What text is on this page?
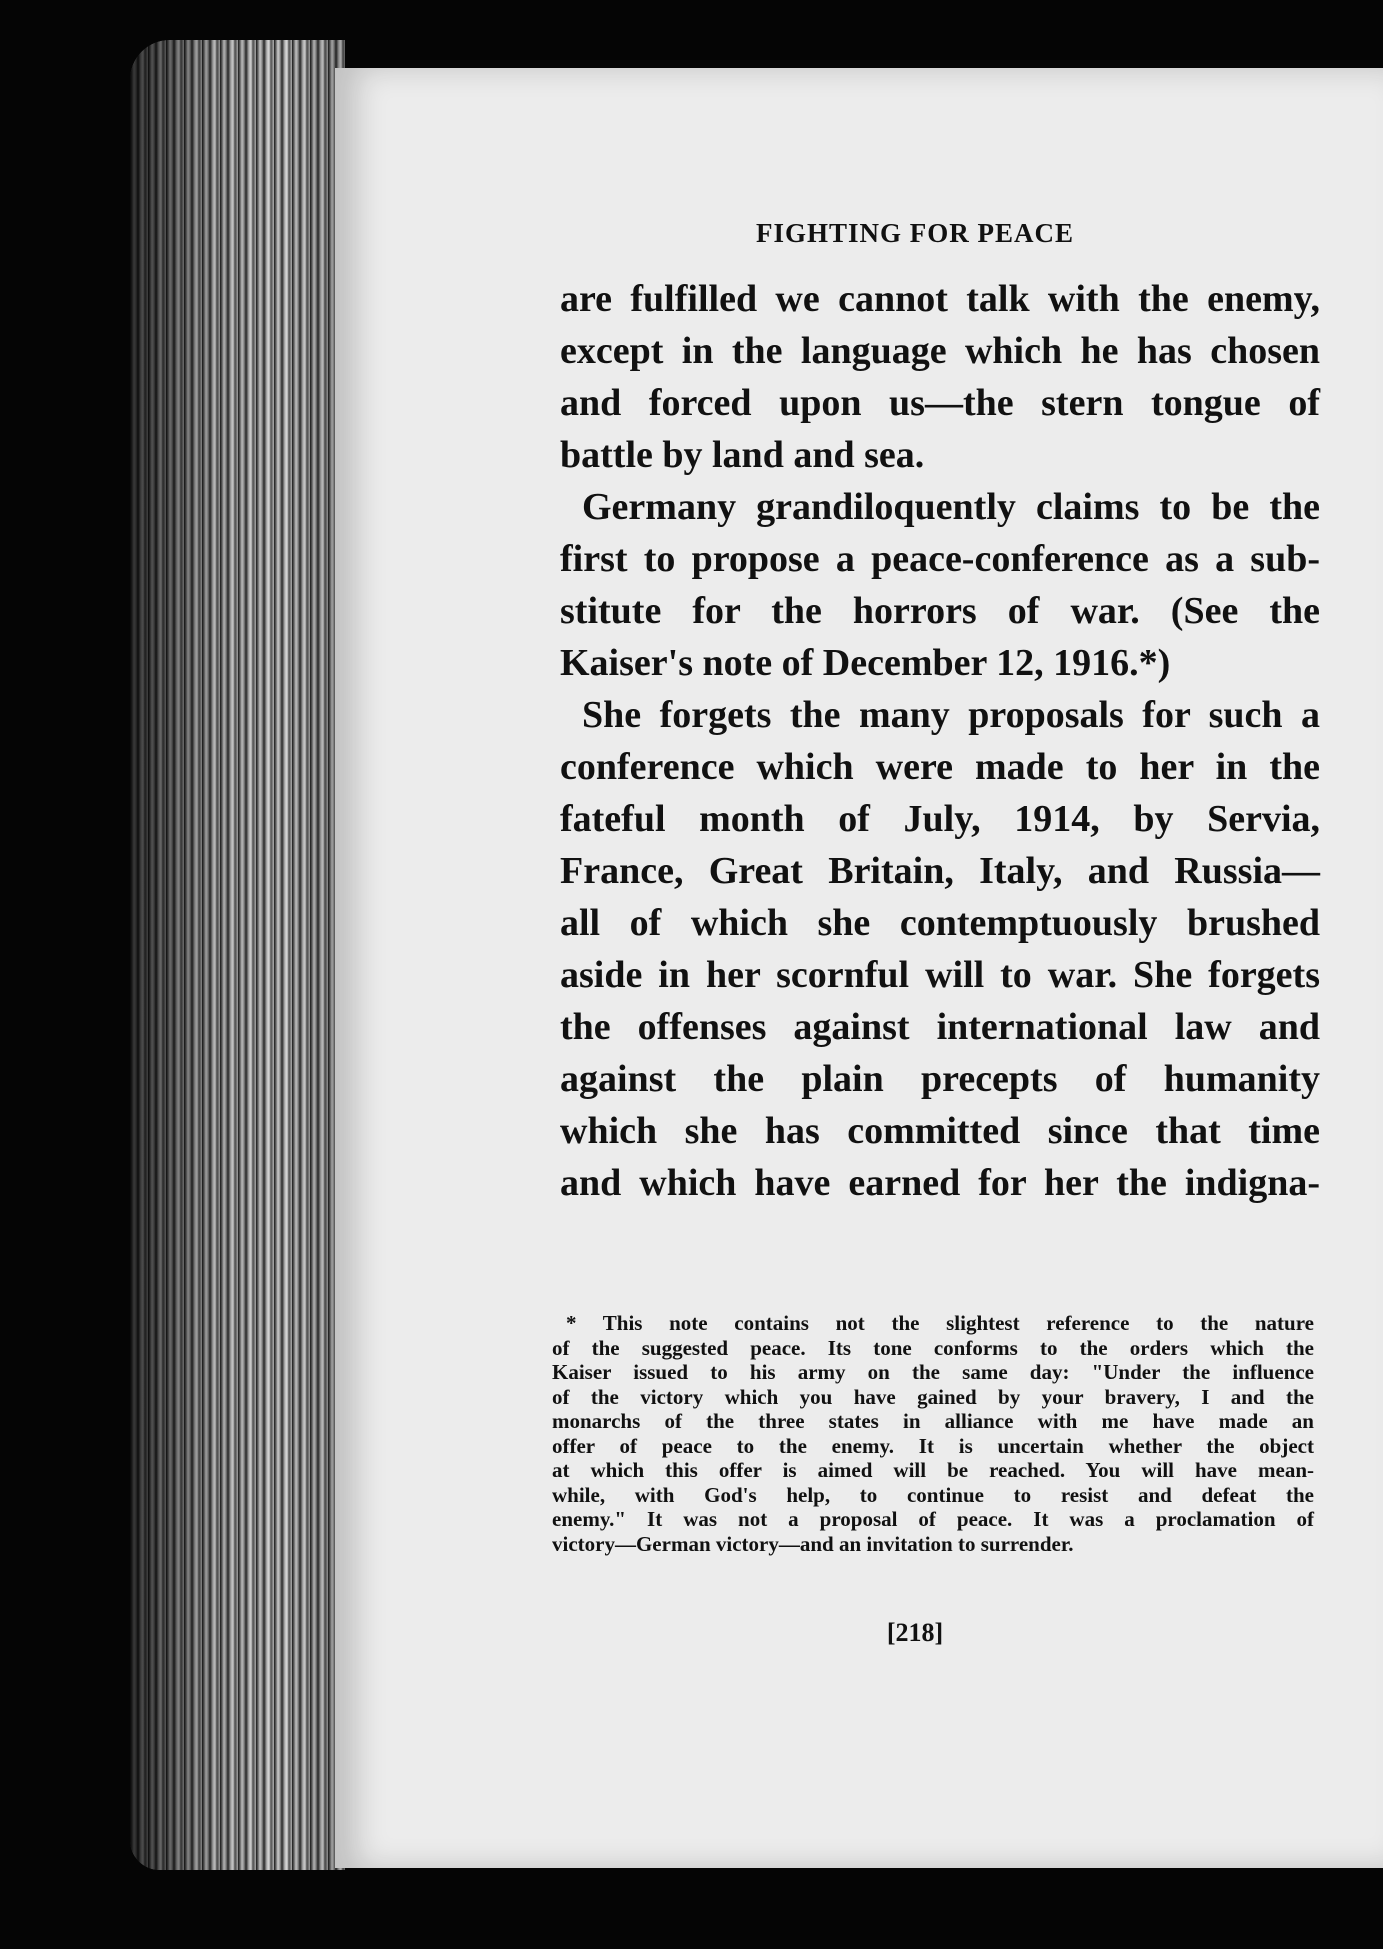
FIGHTING FOR PEACE
are fulfilled we cannot talk with the enemy,
except in the language which he has chosen
and forced upon us—the stern tongue of
battle by land and sea.
Germany grandiloquently claims to be the
first to propose a peace-conference as a sub-
stitute for the horrors of war. (See the
Kaiser's note of December 12, 1916.*)
She forgets the many proposals for such a
conference which were made to her in the
fateful month of July, 1914, by Servia,
France, Great Britain, Italy, and Russia—
all of which she contemptuously brushed
aside in her scornful will to war. She forgets
the offenses against international law and
against the plain precepts of humanity
which she has committed since that time
and which have earned for her the indigna-
* This note contains not the slightest reference to the nature
of the suggested peace. Its tone conforms to the orders which the
Kaiser issued to his army on the same day: "Under the influence
of the victory which you have gained by your bravery, I and the
monarchs of the three states in alliance with me have made an
offer of peace to the enemy. It is uncertain whether the object
at which this offer is aimed will be reached. You will have mean-
while, with God's help, to continue to resist and defeat the
enemy." It was not a proposal of peace. It was a proclamation of
victory—German victory—and an invitation to surrender.
[218]
